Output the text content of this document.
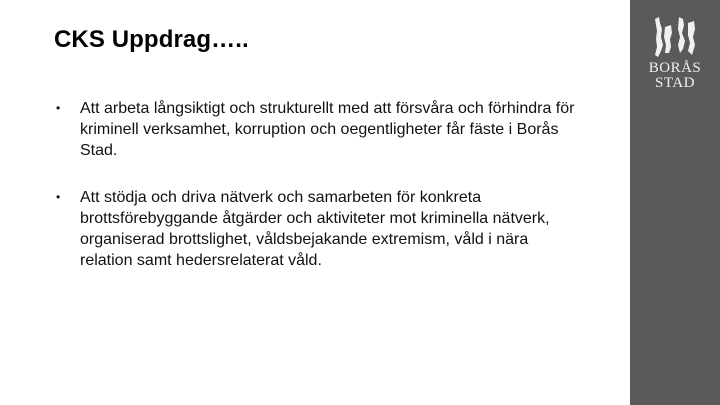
CKS Uppdrag…..
• Att arbeta långsiktigt och strukturellt med att försvåra och förhindra för kriminell verksamhet, korruption och oegentligheter får fäste i Borås Stad.
• Att stödja och driva nätverk och samarbeten för konkreta brottsförebyggande åtgärder och aktiviteter mot kriminella nätverk, organiserad brottslighet, våldsbejakande extremism, våld i nära relation samt hedersrelaterat våld.
BORÅS
STAD
